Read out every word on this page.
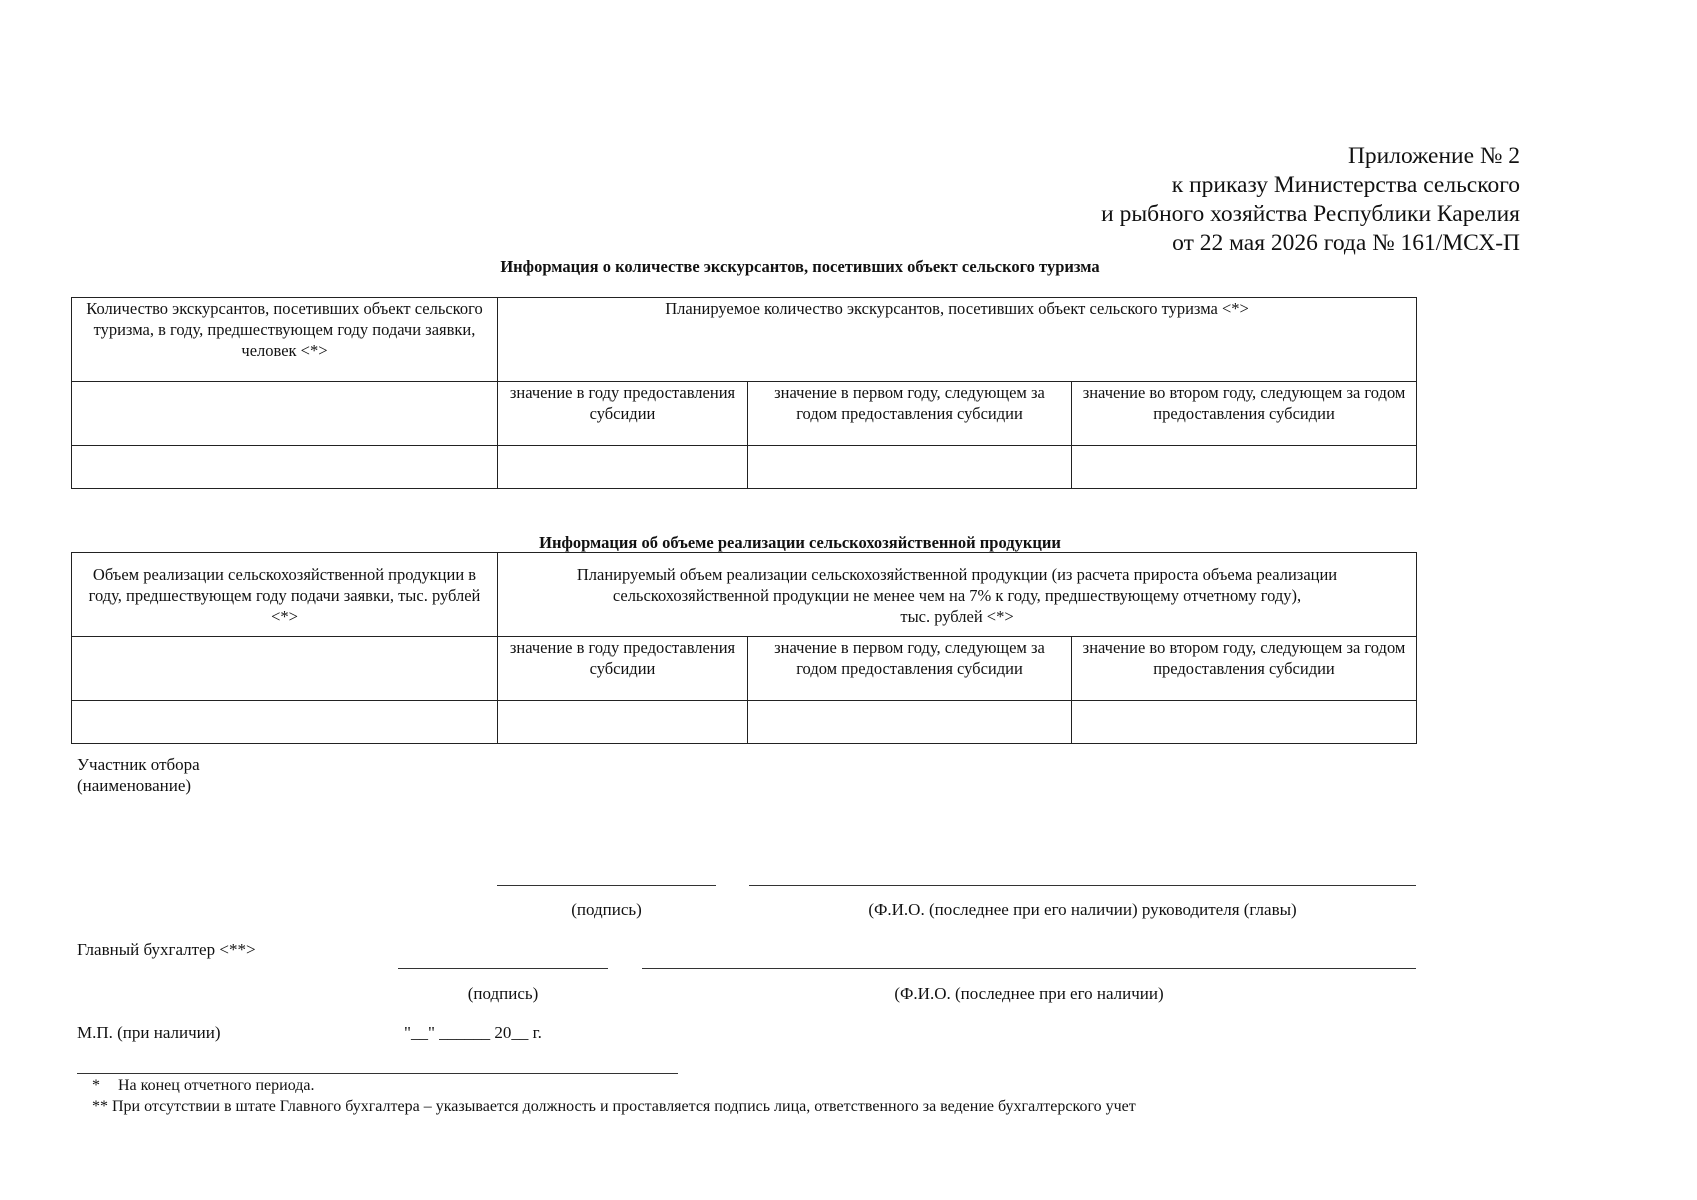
Приложение № 2
к приказу Министерства сельского
и рыбного хозяйства Республики Карелия
от 22 мая 2026 года № 161/МСХ-П
Информация о количестве экскурсантов, посетивших объект сельского туризма
Количество экскурсантов, посетивших объект сельского туризма, в году, предшествующем году подачи заявки, человек <*>	Планируемое количество экскурсантов, посетивших объект сельского туризма <*>		
	значение в году предоставления субсидии	значение в первом году, следующем за годом предоставления субсидии	значение во втором году, следующем за годом предоставления субсидии

Информация об объеме реализации сельскохозяйственной продукции
Объем реализации сельскохозяйственной продукции в году, предшествующем году подачи заявки, тыс. рублей <*>	Планируемый объем реализации сельскохозяйственной продукции (из расчета прироста объема реализации
сельскохозяйственной продукции не менее чем на 7% к году, предшествующему отчетному году),
тыс. рублей <*>		

	значение в году предоставления субсидии	значение в первом году, следующем за годом предоставления субсидии	значение во втором году, следующем за годом предоставления субсидии

Участник отбора
(наименование)
(подпись)	(Ф.И.О. (последнее при его наличии) руководителя (главы)
Главный бухгалтер <**>
(подпись)	(Ф.И.О. (последнее при его наличии)
М.П. (при наличии)	"__" ______ 20__ г.
* На конец отчетного периода.
** При отсутствии в штате Главного бухгалтера – указывается должность и проставляется подпись лица, ответственного за ведение бухгалтерского учет
